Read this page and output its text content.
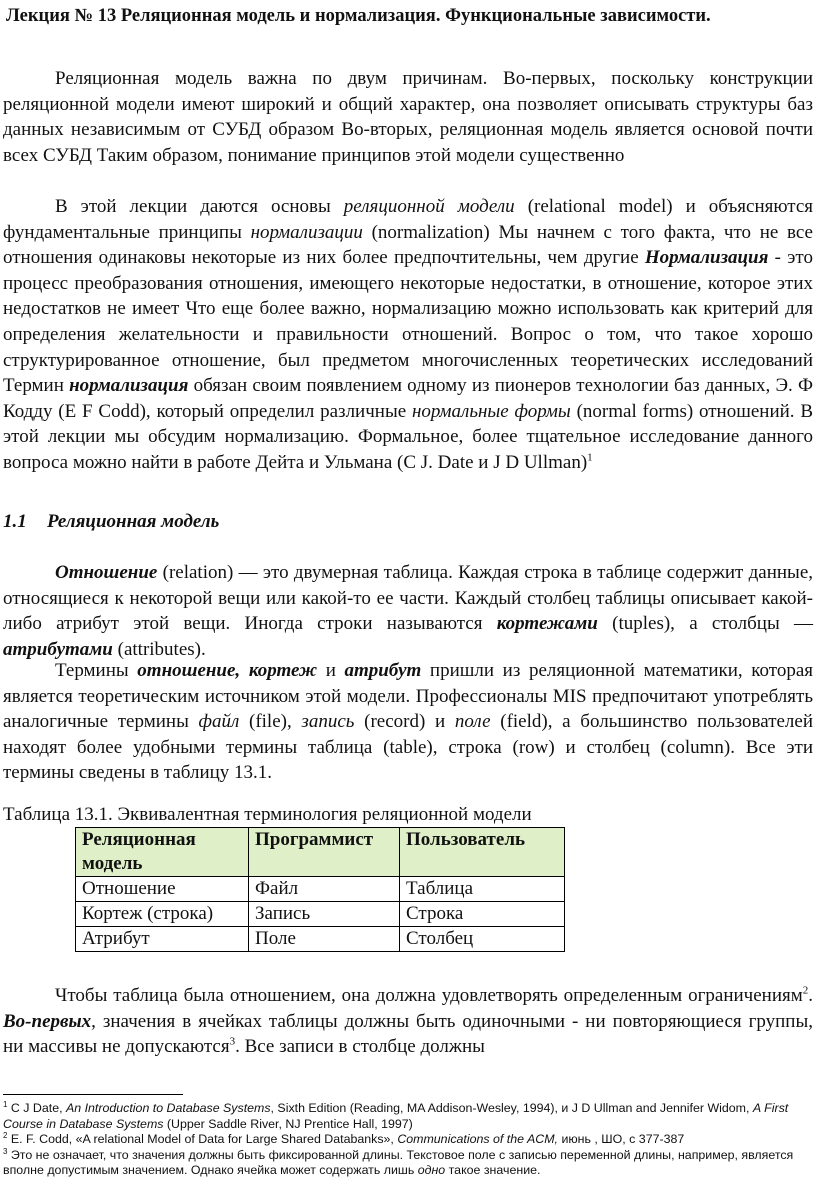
Лекция № 13 Реляционная модель и нормализация. Функциональные зависимости.

Реляционная модель важна по двум причинам. Во-первых, поскольку конструкции реляционной модели имеют широкий и общий характер, она позволяет описывать структуры баз данных независимым от СУБД образом Во-вторых, реляционная модель является основой почти всех СУБД Таким образом, понимание принципов этой модели существенно

В этой лекции даются основы реляционной модели (relational model) и объясняются фундаментальные принципы нормализации (normalization) Мы начнем с того факта, что не все отношения одинаковы некоторые из них более предпочтительны, чем другие Нормализация - это процесс преобразования отношения, имеющего некоторые недостатки, в отношение, которое этих недостатков не имеет Что еще более важно, нормализацию можно использовать как критерий для определения желательности и правильности отношений. Вопрос о том, что такое хорошо структурированное отношение, был предметом многочисленных теоретических исследований Термин нормализация обязан своим появлением одному из пионеров технологии баз данных, Э. Ф Кодду (Е F Codd), который определил различные нормальные формы (normal forms) отношений. В этой лекции мы обсудим нормализацию. Формальное, более тщательное исследование данного вопроса можно найти в работе Дейта и Ульмана (С J. Date и J D Ullman)$^1$

1.1 Реляционная модель

Отношение (relation) — это двумерная таблица. Каждая строка в таблице содержит данные, относящиеся к некоторой вещи или какой-то ее части. Каждый столбец таблицы описывает какой-либо атрибут этой вещи. Иногда строки называются кортежами (tuples), а столбцы — атрибутами (attributes).

Термины отношение, кортеж и атрибут пришли из реляционной математики, которая является теоретическим источником этой модели. Профессионалы MIS предпочитают употреблять аналогичные термины файл (file), запись (record) и поле (field), а большинство пользователей находят более удобными термины таблица (table), строка (row) и столбец (column). Все эти термины сведены в таблицу 13.1.

Таблица 13.1. Эквивалентная терминология реляционной модели
Реляционная модель	Программист	Пользователь
Отношение	Файл	Таблица
Кортеж (строка)	Запись	Строка
Атрибут	Поле	Столбец

Чтобы таблица была отношением, она должна удовлетворять определенным ограничениям$^2$. Во-первых, значения в ячейках таблицы должны быть одиночными - ни повторяющиеся группы, ни массивы не допускаются$^3$. Все записи в столбце должны

$^1$ С J Date, An Introduction to Database Systems, Sixth Edition (Reading, MA Addison-Wesley, 1994), и J D Ullman and Jennifer Widom, A First Course in Database Systems (Upper Saddle River, NJ Prentice Hall, 1997)

$^2$ E. F. Codd, «A relational Model of Data for Large Shared Databanks», Communications of the ACM, июнь , ШО, с 377-387

$^3$ Это не означает, что значения должны быть фиксированной длины. Текстовое поле с записью переменной длины, например, является вполне допустимым значением. Однако ячейка может содержать лишь одно такое значение.
